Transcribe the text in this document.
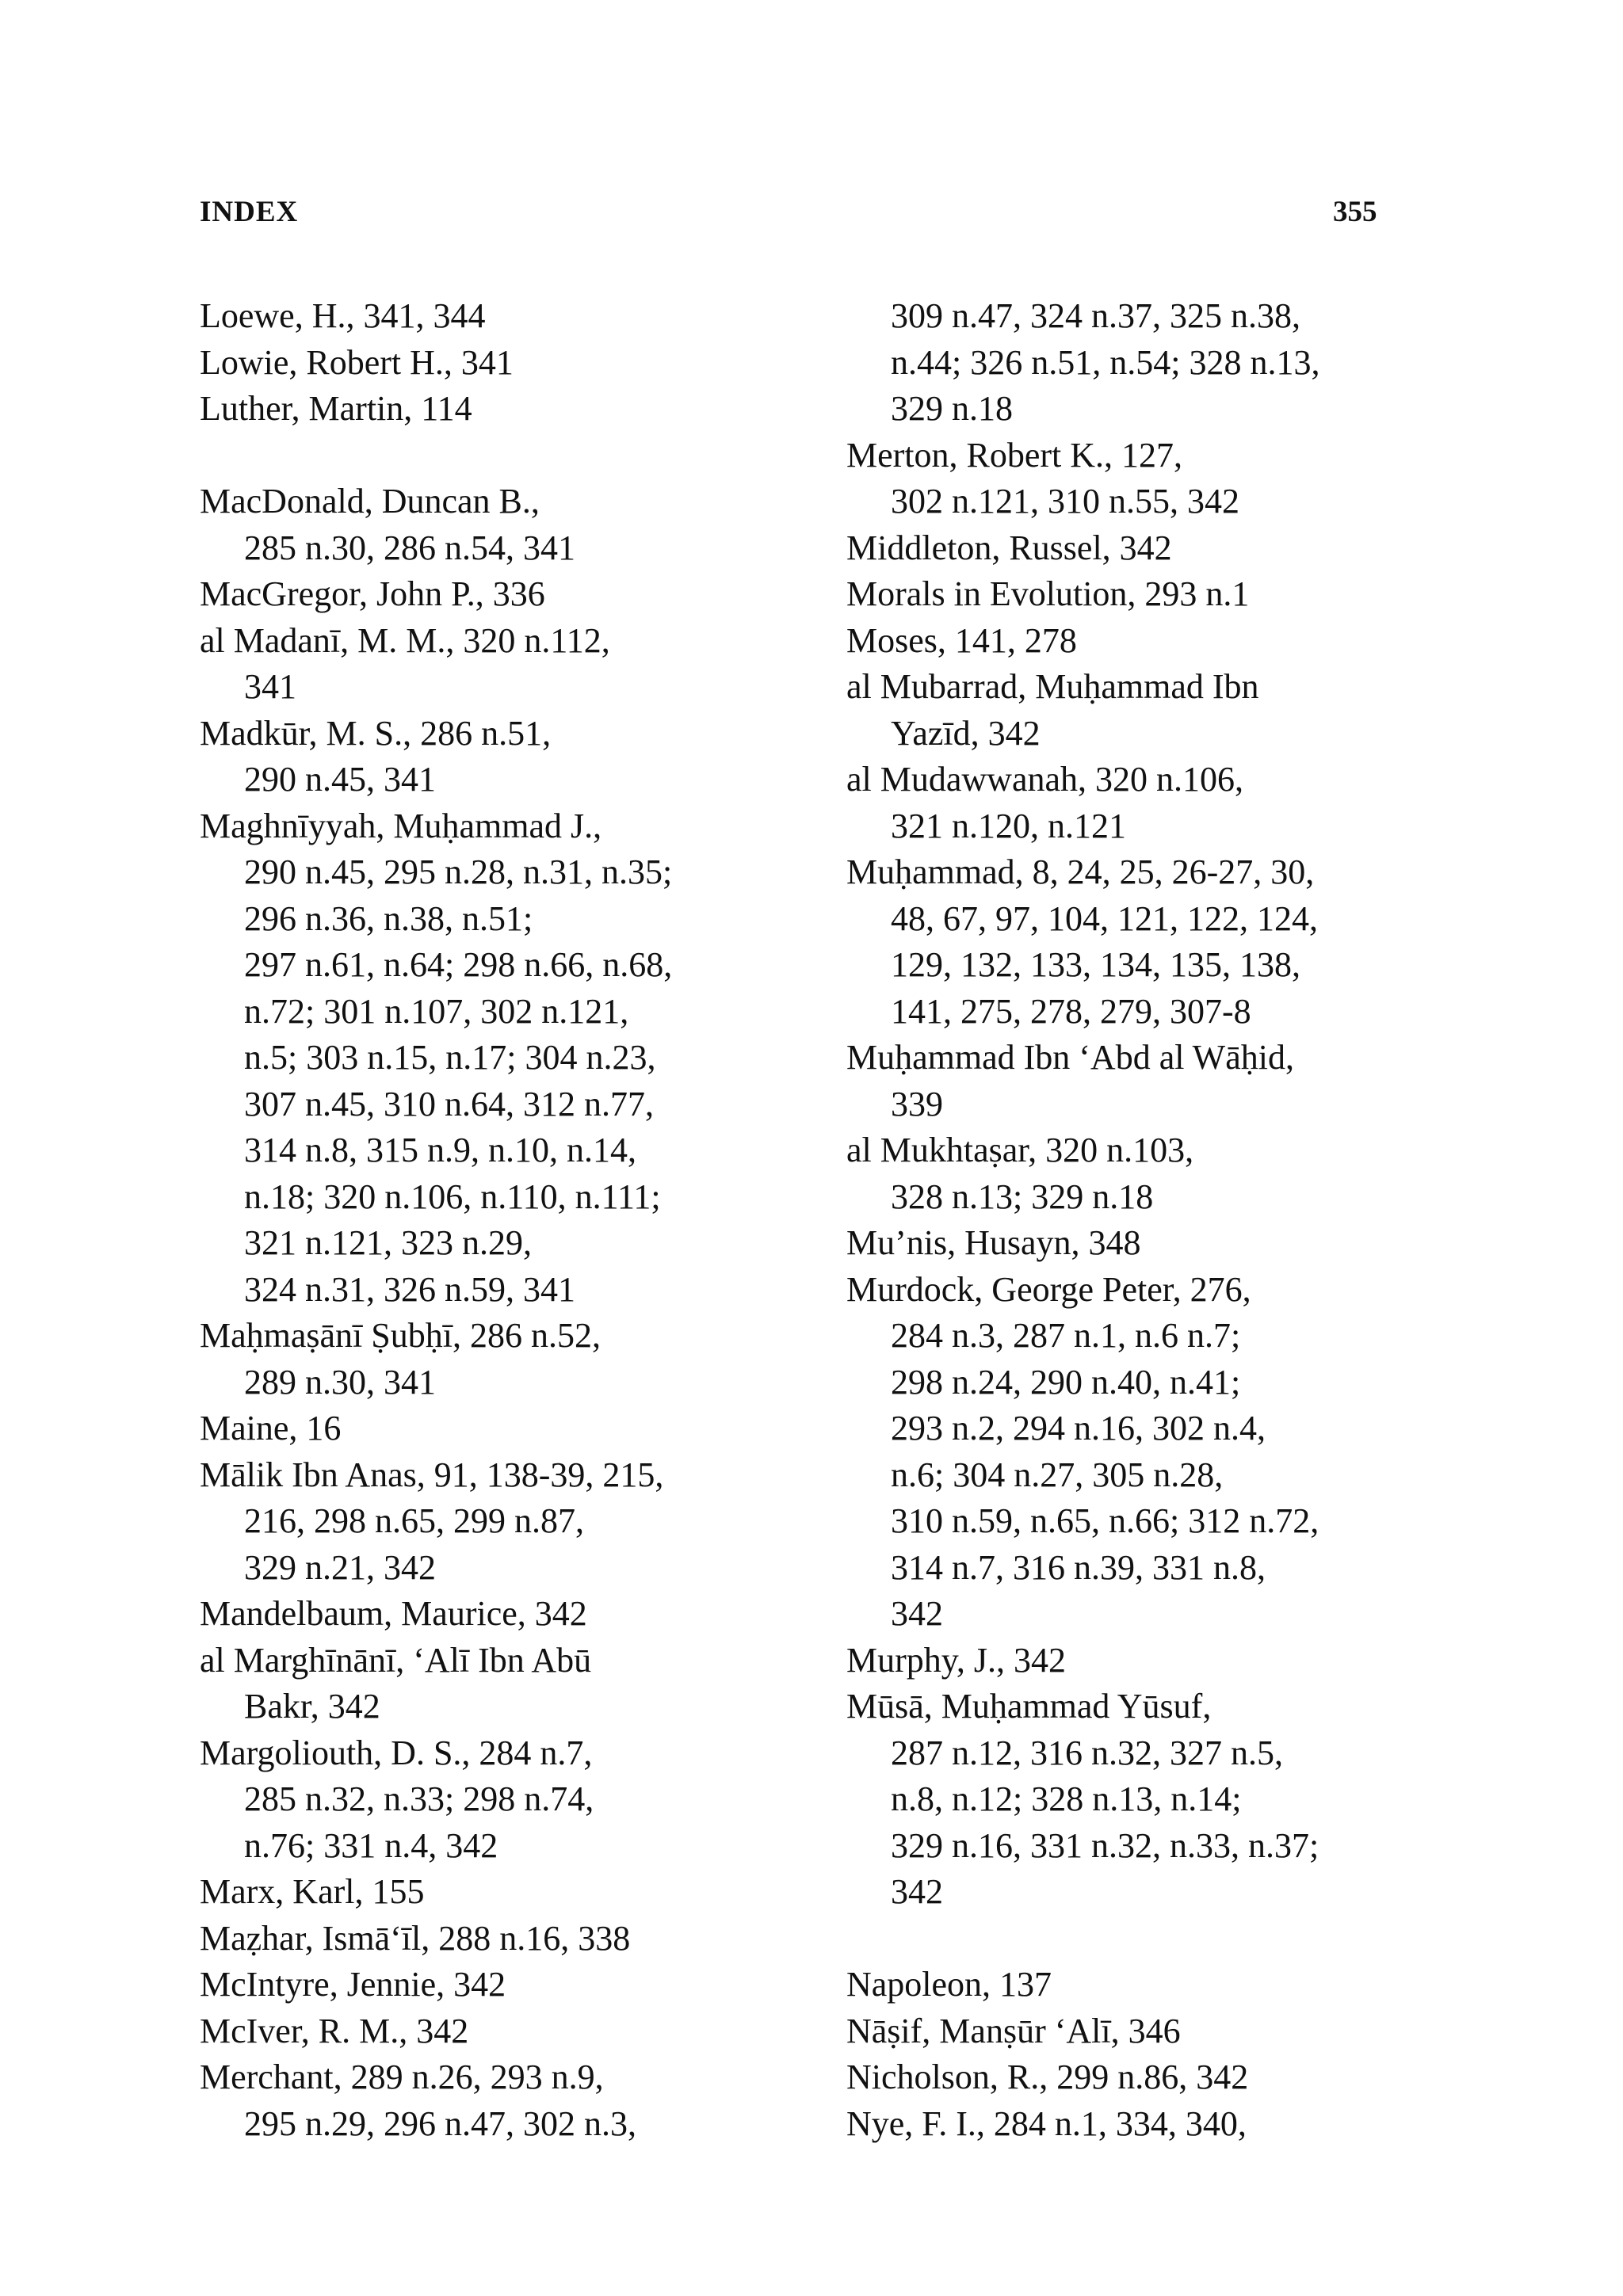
INDEX	355
Loewe, H., 341, 344
Lowie, Robert H., 341
Luther, Martin, 114
MacDonald, Duncan B.,
285 n.30, 286 n.54, 341
MacGregor, John P., 336
al Madanī, M. M., 320 n.112,
341
Madkūr, M. S., 286 n.51,
290 n.45, 341
Maghnīyyah, Muḥammad J.,
290 n.45, 295 n.28, n.31, n.35;
296 n.36, n.38, n.51;
297 n.61, n.64; 298 n.66, n.68,
n.72; 301 n.107, 302 n.121,
n.5; 303 n.15, n.17; 304 n.23,
307 n.45, 310 n.64, 312 n.77,
314 n.8, 315 n.9, n.10, n.14,
n.18; 320 n.106, n.110, n.111;
321 n.121, 323 n.29,
324 n.31, 326 n.59, 341
Maḥmaṣānī Ṣubḥī, 286 n.52,
289 n.30, 341
Maine, 16
Mālik Ibn Anas, 91, 138-39, 215,
216, 298 n.65, 299 n.87,
329 n.21, 342
Mandelbaum, Maurice, 342
al Marghīnānī, ‘Alī Ibn Abū
Bakr, 342
Margoliouth, D. S., 284 n.7,
285 n.32, n.33; 298 n.74,
n.76; 331 n.4, 342
Marx, Karl, 155
Maẓhar, Ismā‘īl, 288 n.16, 338
McIntyre, Jennie, 342
McIver, R. M., 342
Merchant, 289 n.26, 293 n.9,
295 n.29, 296 n.47, 302 n.3,
309 n.47, 324 n.37, 325 n.38,
n.44; 326 n.51, n.54; 328 n.13,
329 n.18
Merton, Robert K., 127,
302 n.121, 310 n.55, 342
Middleton, Russel, 342
Morals in Evolution, 293 n.1
Moses, 141, 278
al Mubarrad, Muḥammad Ibn
Yazīd, 342
al Mudawwanah, 320 n.106,
321 n.120, n.121
Muḥammad, 8, 24, 25, 26-27, 30,
48, 67, 97, 104, 121, 122, 124,
129, 132, 133, 134, 135, 138,
141, 275, 278, 279, 307-8
Muḥammad Ibn ‘Abd al Wāḥid,
339
al Mukhtaṣar, 320 n.103,
328 n.13; 329 n.18
Mu’nis, Husayn, 348
Murdock, George Peter, 276,
284 n.3, 287 n.1, n.6 n.7;
298 n.24, 290 n.40, n.41;
293 n.2, 294 n.16, 302 n.4,
n.6; 304 n.27, 305 n.28,
310 n.59, n.65, n.66; 312 n.72,
314 n.7, 316 n.39, 331 n.8,
342
Murphy, J., 342
Mūsā, Muḥammad Yūsuf,
287 n.12, 316 n.32, 327 n.5,
n.8, n.12; 328 n.13, n.14;
329 n.16, 331 n.32, n.33, n.37;
342
Napoleon, 137
Nāṣif, Manṣūr ‘Alī, 346
Nicholson, R., 299 n.86, 342
Nye, F. I., 284 n.1, 334, 340,
